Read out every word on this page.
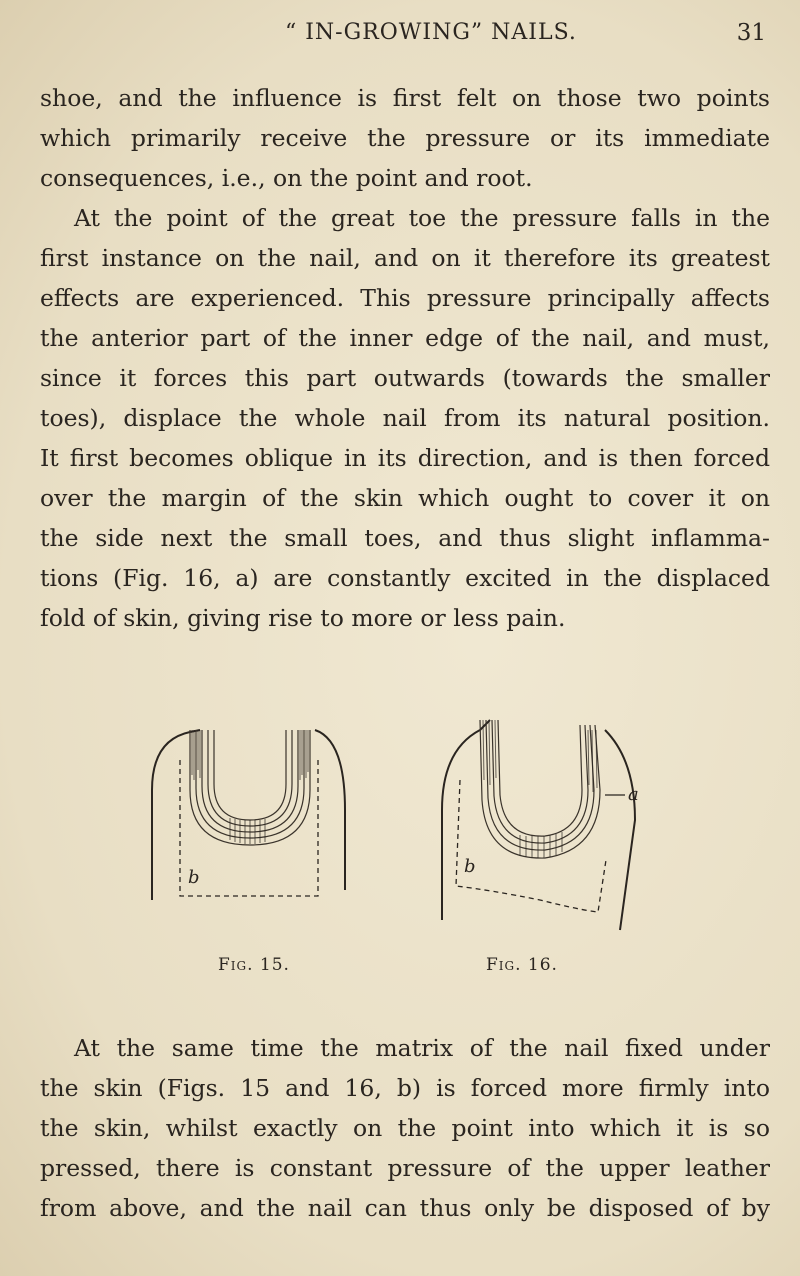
“ IN-GROWING” NAILS.	31

shoe, and the influence is first felt on those two points
which primarily receive the pressure or its immediate
consequences, i.e., on the point and root.
At the point of the great toe the pressure falls in the
first instance on the nail, and on it therefore its greatest
effects are experienced. This pressure principally affects
the anterior part of the inner edge of the nail, and must,
since it forces this part outwards (towards the smaller
toes), displace the whole nail from its natural position.
It first becomes oblique in its direction, and is then forced
over the margin of the skin which ought to cover it on
the side next the small toes, and thus slight inflamma-
tions (Fig. 16, a) are constantly excited in the displaced
fold of skin, giving rise to more or less pain.

b
Fig. 15.
a
b
Fig. 16.

At the same time the matrix of the nail fixed under
the skin (Figs. 15 and 16, b) is forced more firmly into
the skin, whilst exactly on the point into which it is so
pressed, there is constant pressure of the upper leather
from above, and the nail can thus only be disposed of by
